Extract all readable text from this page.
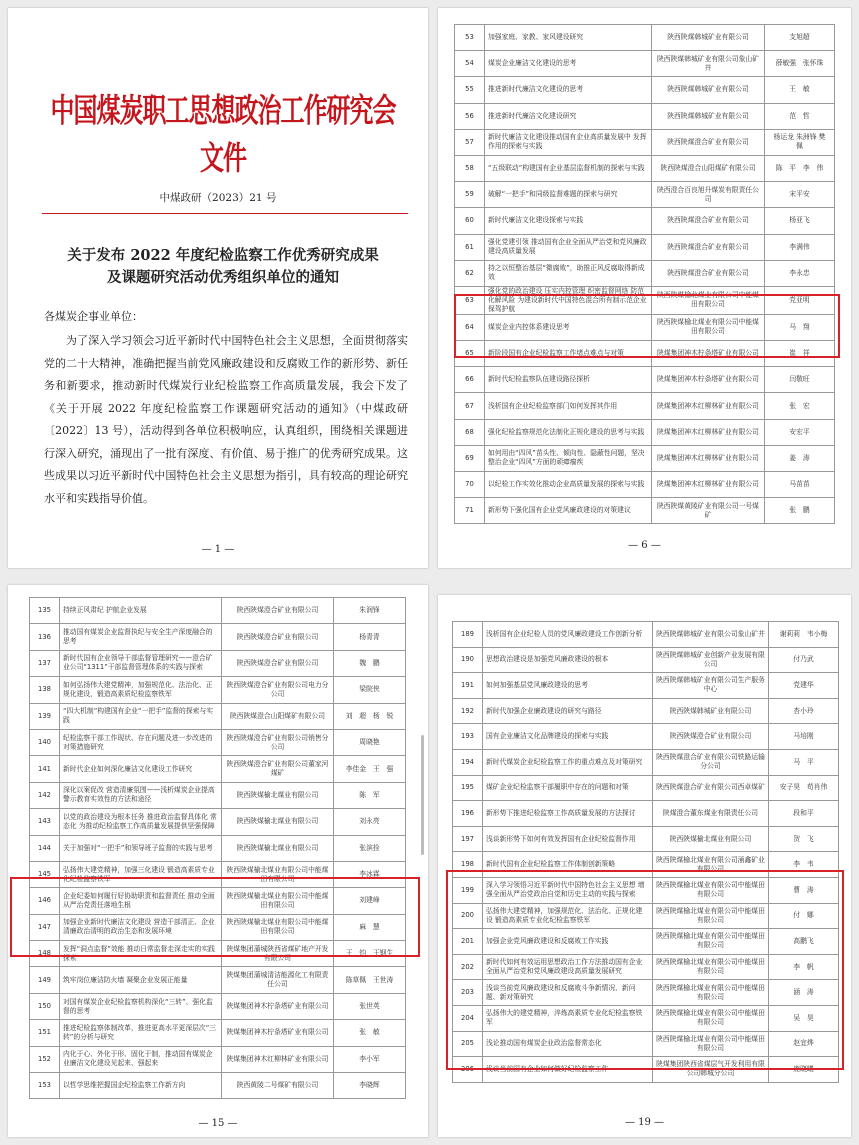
中国煤炭职工思想政治工作研究会文件
中煤政研（2023）21 号
关于发布 2022 年度纪检监察工作优秀研究成果
及课题研究活动优秀组织单位的通知
各煤炭企事业单位：
为了深入学习领会习近平新时代中国特色社会主义思想，全面贯彻落实党的二十大精神，准确把握当前党风廉政建设和反腐败工作的新形势、新任务和新要求，推动新时代煤炭行业纪检监察工作高质量发展，我会下发了《关于开展 2022 年度纪检监察工作课题研究活动的通知》（中煤政研〔2022〕13 号），活动得到各单位积极响应，认真组织，围绕相关课题进行深入研究，涌现出了一批有深度、有价值、易于推广的优秀研究成果。这些成果以习近平新时代中国特色社会主义思想为指引，具有较高的理论研究水平和实践指导价值。
— 1 —
53	加强家庭、家教、家风建设研究	陕西陕煤韩城矿业有限公司	支旭超
54	煤炭企业廉洁文化建设的思考	陕西陕煤韩城矿业有限公司象山矿井	薛敏强　张怀珠
55	推进新时代廉洁文化建设的思考	陕西陕煤韩城矿业有限公司	王　敏
56	推进新时代廉洁文化建设研究	陕西陕煤韩城矿业有限公司	范　哲
57	新时代廉洁文化建设推动国有企业高质量发展中 发挥作用的探索与实践	陕西陕煤澄合矿业有限公司	杨运龙 朱洲锋 樊　佩
58	“五级联动”构建国有企业基层监督机制的探索与实践	陕西陕煤澄合山阳煤矿有限公司	陈　平　李　伟
59	破解“一把手”和同级监督难题的探索与研究	陕西澄合百良旭升煤炭有限责任公司	宋平安
60	新时代廉洁文化建设探索与实践	陕西陕煤澄合矿业有限公司	杨亚飞
61	强化党建引领 推动国有企业全面从严治党和党风廉政建设高质量发展	陕西陕煤澄合矿业有限公司	李满伟
62	持之以恒整治基层“微腐败”，助推正风反腐取得新成效	陕西陕煤澄合矿业有限公司	李永忠
63	强化党的政治建设 压实内控管理 织密监督网络 防范化解风险 为建设新时代中国特色混合所有制示范企业保驾护航	陕西陕煤榆北煤业有限公司中能煤田有限公司	党亚明
64	煤炭企业内控体系建设思考	陕西陕煤榆北煤业有限公司中能煤田有限公司	马　翔
65	新阶段国有企业纪检监察工作堵点难点与对策	陕煤集团神木柠条塔矿业有限公司	崔　祥
66	新时代纪检监察队伍建设路径探析	陕煤集团神木柠条塔矿业有限公司	闫敬旺
67	浅析国有企业纪检监察部门如何发挥其作用	陕煤集团神木红柳林矿业有限公司	张　宏
68	强化纪检监察规范化法制化正规化建设的思考与实践	陕煤集团神木红柳林矿业有限公司	安宏平
69	如何用由“四风”苗头性、倾向性、隐蔽性问题，坚决整治企业“四风”方面的顽瘴痼疾	陕煤集团神木红柳林矿业有限公司	姜　涛
70	以纪检工作实效化推动企业高质量发展的探索与实践	陕煤集团神木红柳林矿业有限公司	马苗苗
71	新形势下强化国有企业党风廉政建设的对策建议	陕西陕煤黄陵矿业有限公司一号煤矿	张　鹏
— 6 —
135	持续正风肃纪 护航企业发展	陕西陕煤澄合矿业有限公司	朱润锋
136	推动国有煤炭企业监督执纪与安全生产深度融合的思考	陕西陕煤澄合矿业有限公司	杨青青
137	新时代国有企业领导干部监督管理研究——澄合矿业公司“1311”干部监督管理体系的实践与探索	陕西陕煤澄合矿业有限公司	魏　鹏
138	如何弘扬伟大建党精神，加强规范化、法治化、正规化建设，锻造高素质纪检监察铁军	陕西陕煤澄合矿业有限公司电力分公司	梁院侠
139	“四大机制”构建国有企业“一把手”监督的探索与实践	陕西陕煤澄合山阳煤矿有限公司	刘　超　杨　锐
140	纪检监察干部工作现状、存在问题及进一步改进的对策措施研究	陕西陕煤澄合矿业有限公司销售分公司	周晓艳
141	新时代企业如何深化廉洁文化建设工作研究	陕西陕煤澄合矿业有限公司董家河煤矿	李佳金　王　强
142	深化以案促改 营造清廉氛围——浅析煤炭企业提高警示教育实效性的方法和途径	陕西陕煤榆北煤业有限公司	陈　军
143	以党的政治建设为根本任务 推进政治监督具体化 常态化 为推动纪检监察工作高质量发展提供坚强保障	陕西陕煤榆北煤业有限公司	刘永亮
144	关于加强对“一把手”和领导班子监督的实践与思考	陕西陕煤榆北煤业有限公司	张滨拴
145	弘扬伟大建党精神，加强三化建设 锻造高素质专业化纪检监察铁军	陕西陕煤榆北煤业有限公司中能煤田有限公司	李冰霖
146	企业纪委如何履行好协助职责和监督责任 推动全面从严治党责任落地生根	陕西陕煤榆北煤业有限公司中能煤田有限公司	刘建峰
147	加强企业新时代廉洁文化建设 营造干部清正、企业清廉政治清明的政治生态和发展环境	陕西陕煤榆北煤业有限公司中能煤田有限公司	麻　慧
148	发挥“洞点监督”效能 推动日常监督走深走实的实践探索	陕煤集团蒲城陕西省煤矿地产开发有限公司	王　钧　王钢生
149	筑牢岗位廉洁防火墙 凝聚企业发展正能量	陕煤集团蒲城清洁能源化工有限责任公司	陈草佩　王世涛
150	对国有煤炭企业纪检监察机构深化“三转”、强化监督的思考	陕煤集团神木柠条塔矿业有限公司	张世英
151	推进纪检监察体制改革，推进更高水平更深层次“三转”的分析与研究	陕煤集团神木柠条塔矿业有限公司	张　敏
152	内化于心、外化于形、固化于制，推动国有煤炭企业廉洁文化建设见起来、强起来	陕煤集团神木红柳林矿业有限公司	李小军
153	以哲学思维把握国企纪检监察工作新方向	陕西黄陵二号煤矿有限公司	李晓辉
— 15 —
189	浅析国有企业纪检人员的党风廉政建设工作创新分析	陕西陕煤韩城矿业有限公司象山矿井	谢莉莉　韦小梅
190	思想政治建设是加强党风廉政建设的根本	陕西陕煤韩城矿业创新产业发展有限公司	付乃武
191	如何加强基层党风廉政建设的思考	陕西陕煤韩城矿业有限公司生产服务中心	党建华
192	新时代加强企业廉政建设的研究与路径	陕西陕煤韩城矿业有限公司	杏小玲
193	国有企业廉洁文化品牌建设的探索与实践	陕西陕煤澄合矿业有限公司	马培刚
194	新时代煤炭企业纪检监察工作的重点难点及对策研究	陕西陕煤澄合矿业有限公司铁路运输分公司	马　平
195	煤矿企业纪检监察干部履职中存在的问题和对策	陕西陕煤澄合矿业有限公司西卓煤矿	安子昊　苟肖伟
196	新形势下推进纪检监察工作高质量发展的方法探讨	陕煤澄合董东煤业有限责任公司	段和平
197	浅谈新形势下如何有效发挥国有企业纪检监督作用	陕西陕煤榆北煤业有限公司	贺　飞
198	新时代国有企业纪检监察工作体制创新策略	陕西陕煤榆北煤业有限公司涌鑫矿业有限公司	李　韦
199	深入学习领悟习近平新时代中国特色社会主义思想 增强全面从严治党政治自觉和历史主动的实践与探索	陕西陕煤榆北煤业有限公司中能煤田有限公司	曹　涛
200	弘扬伟大建党精神，加强规范化、法治化、正规化建设 锻造高素质专业化纪检监察铁军	陕西陕煤榆北煤业有限公司中能煤田有限公司	付　娜
201	加强企业党风廉政建设和反腐败工作实践	陕西陕煤榆北煤业有限公司中能煤田有限公司	高鹏飞
202	新时代如何有效运用思想政治工作方法推动国有企业 全面从严治党和党风廉政建设高质量发展研究	陕西陕煤榆北煤业有限公司中能煤田有限公司	李　帆
203	浅谈当前党风廉政建设和反腐败斗争新情况、新问题、新对策研究	陕西陕煤榆北煤业有限公司中能煤田有限公司	涵　涛
204	弘扬伟大的建党精神，淬炼高素质专业化纪检监察铁军	陕西陕煤榆北煤业有限公司中能煤田有限公司	吴　昊
205	浅论推动国有煤炭企业政治监督常态化	陕西陕煤榆北煤业有限公司中能煤田有限公司	赵宜烨
206	浅谈当前国有企业如何做好纪检监察工作	陕煤集团陕西省煤层气开发利用有限公司韩城分公司	庞晓曦
— 19 —
